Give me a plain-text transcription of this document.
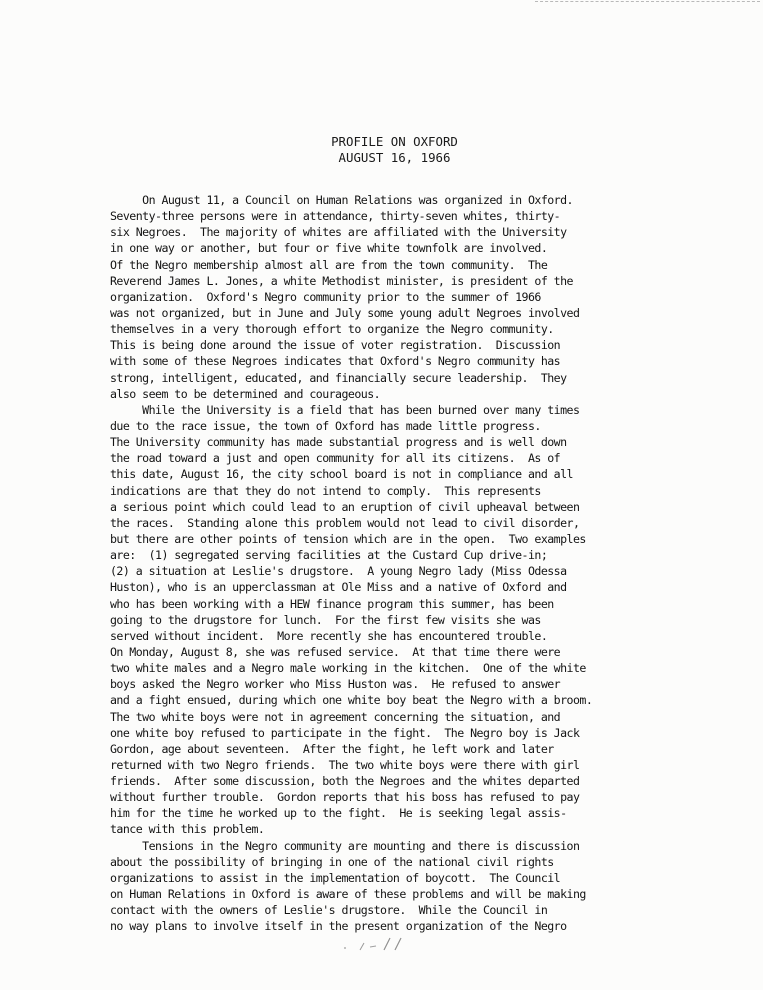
PROFILE ON OXFORD
AUGUST 16, 1966
On August 11, a Council on Human Relations was organized in Oxford.
Seventy-three persons were in attendance, thirty-seven whites, thirty-
six Negroes.  The majority of whites are affiliated with the University
in one way or another, but four or five white townfolk are involved.
Of the Negro membership almost all are from the town community.  The
Reverend James L. Jones, a white Methodist minister, is president of the
organization.  Oxford's Negro community prior to the summer of 1966
was not organized, but in June and July some young adult Negroes involved
themselves in a very thorough effort to organize the Negro community.
This is being done around the issue of voter registration.  Discussion
with some of these Negroes indicates that Oxford's Negro community has
strong, intelligent, educated, and financially secure leadership.  They
also seem to be determined and courageous.
While the University is a field that has been burned over many times
due to the race issue, the town of Oxford has made little progress.
The University community has made substantial progress and is well down
the road toward a just and open community for all its citizens.  As of
this date, August 16, the city school board is not in compliance and all
indications are that they do not intend to comply.  This represents
a serious point which could lead to an eruption of civil upheaval between
the races.  Standing alone this problem would not lead to civil disorder,
but there are other points of tension which are in the open.  Two examples
are:  (1) segregated serving facilities at the Custard Cup drive-in;
(2) a situation at Leslie's drugstore.  A young Negro lady (Miss Odessa
Huston), who is an upperclassman at Ole Miss and a native of Oxford and
who has been working with a HEW finance program this summer, has been
going to the drugstore for lunch.  For the first few visits she was
served without incident.  More recently she has encountered trouble.
On Monday, August 8, she was refused service.  At that time there were
two white males and a Negro male working in the kitchen.  One of the white
boys asked the Negro worker who Miss Huston was.  He refused to answer
and a fight ensued, during which one white boy beat the Negro with a broom.
The two white boys were not in agreement concerning the situation, and
one white boy refused to participate in the fight.  The Negro boy is Jack
Gordon, age about seventeen.  After the fight, he left work and later
returned with two Negro friends.  The two white boys were there with girl
friends.  After some discussion, both the Negroes and the whites departed
without further trouble.  Gordon reports that his boss has refused to pay
him for the time he worked up to the fight.  He is seeking legal assis-
tance with this problem.
Tensions in the Negro community are mounting and there is discussion
about the possibility of bringing in one of the national civil rights
organizations to assist in the implementation of boycott.  The Council
on Human Relations in Oxford is aware of these problems and will be making
contact with the owners of Leslie's drugstore.  While the Council in
no way plans to involve itself in the present organization of the Negro
